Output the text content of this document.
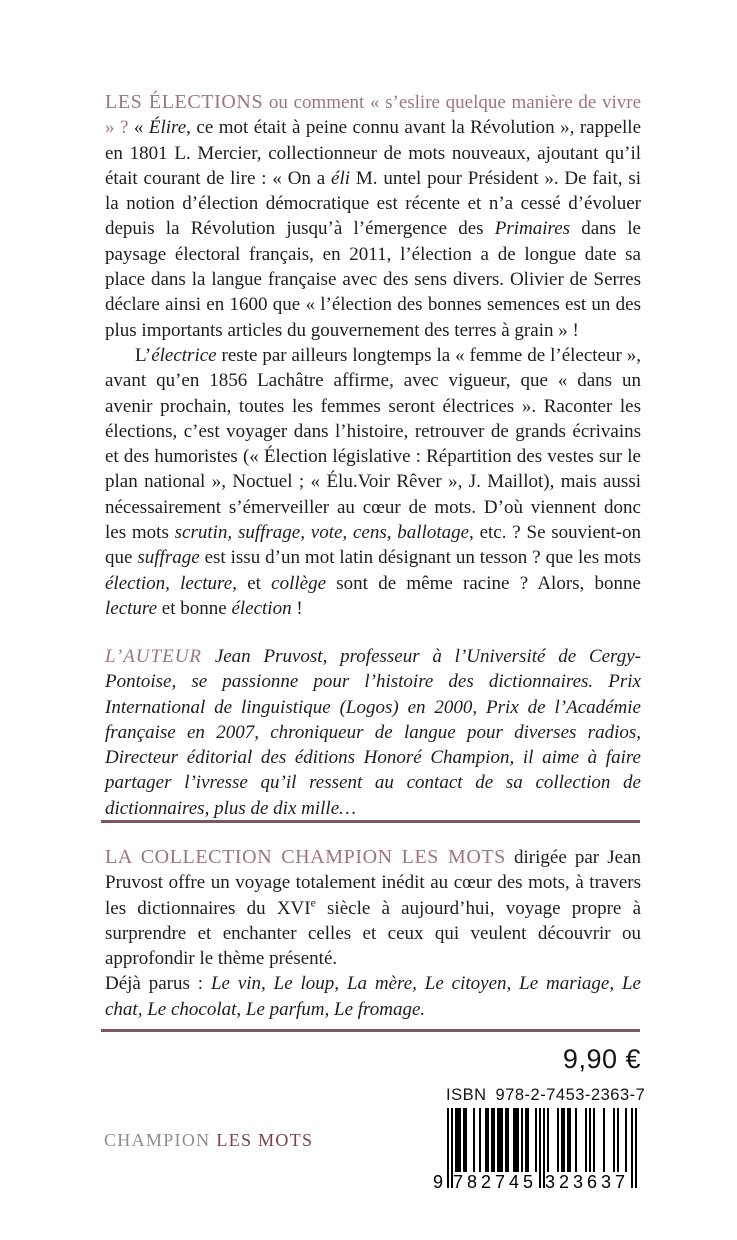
LES ÉLECTIONS ou comment « s’eslire quelque manière de vivre » ? « Élire, ce mot était à peine connu avant la Révolution », rappelle en 1801 L. Mercier, collectionneur de mots nouveaux, ajoutant qu’il était courant de lire : « On a éli M. untel pour Président ». De fait, si la notion d’élection démocratique est récente et n’a cessé d’évoluer depuis la Révolution jusqu’à l’émergence des Primaires dans le paysage électoral français, en 2011, l’élection a de longue date sa place dans la langue française avec des sens divers. Olivier de Serres déclare ainsi en 1600 que « l’élection des bonnes semences est un des plus importants articles du gouvernement des terres à grain » !

L’électrice reste par ailleurs longtemps la « femme de l’électeur », avant qu’en 1856 Lachâtre affirme, avec vigueur, que « dans un avenir prochain, toutes les femmes seront électrices ». Raconter les élections, c’est voyager dans l’histoire, retrouver de grands écrivains et des humoristes (« Élection législative : Répartition des vestes sur le plan national », Noctuel ; « Élu.Voir Rêver », J. Maillot), mais aussi nécessairement s’émerveiller au cœur de mots. D’où viennent donc les mots scrutin, suffrage, vote, cens, ballotage, etc. ? Se souvient-on que suffrage est issu d’un mot latin désignant un tesson ? que les mots élection, lecture, et collège sont de même racine ? Alors, bonne lecture et bonne élection !

L’AUTEUR Jean Pruvost, professeur à l’Université de Cergy-Pontoise, se passionne pour l’histoire des dictionnaires. Prix International de linguistique (Logos) en 2000, Prix de l’Académie française en 2007, chroniqueur de langue pour diverses radios, Directeur éditorial des éditions Honoré Champion, il aime à faire partager l’ivresse qu’il ressent au contact de sa collection de dictionnaires, plus de dix mille…

LA COLLECTION CHAMPION LES MOTS dirigée par Jean Pruvost offre un voyage totalement inédit au cœur des mots, à travers les dictionnaires du XVIe siècle à aujourd’hui, voyage propre à surprendre et enchanter celles et ceux qui veulent découvrir ou approfondir le thème présenté.

Déjà parus : Le vin, Le loup, La mère, Le citoyen, Le mariage, Le chat, Le chocolat, Le parfum, Le fromage.

9,90 €
ISBN 978-2-7453-2363-7
9 782745 323637
CHAMPION LES MOTS
